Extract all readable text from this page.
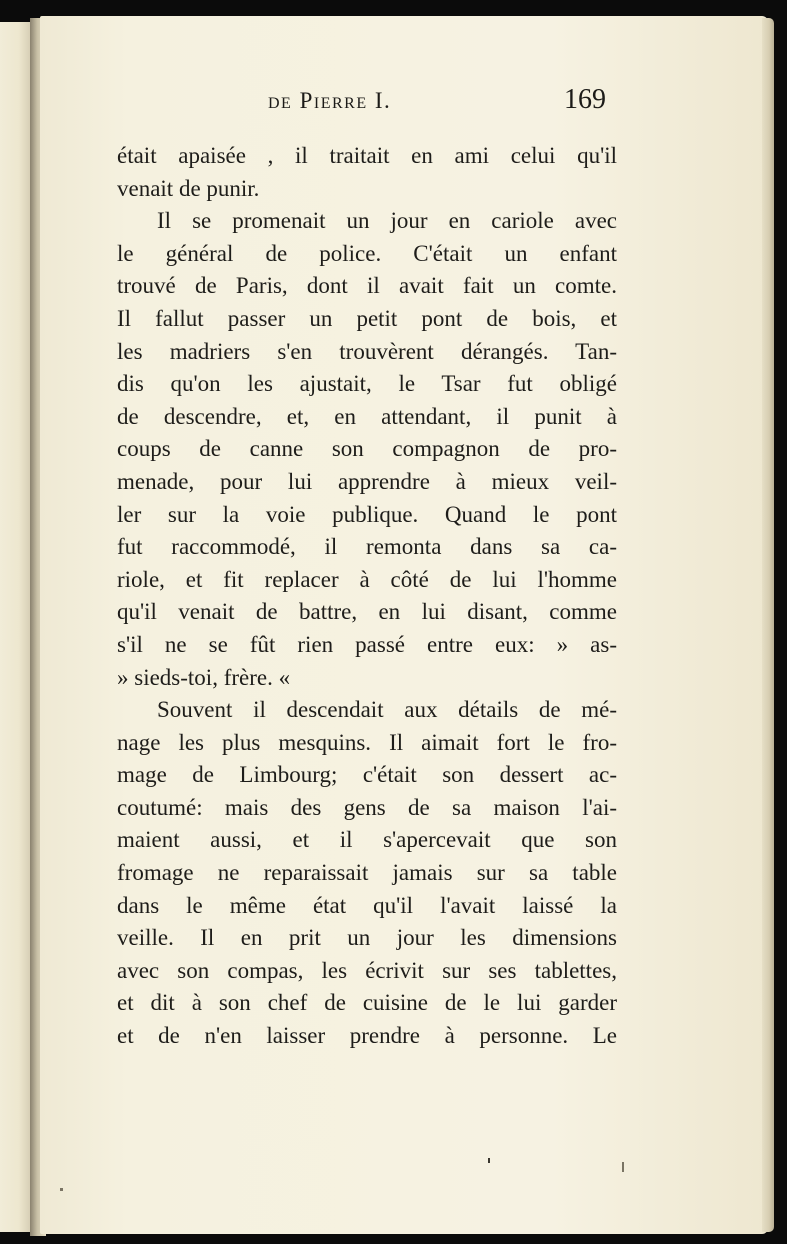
de Pierre I.	169
était apaisée , il traitait en ami celui qu'il
venait de punir.
Il se promenait un jour en cariole avec
le général de police. C'était un enfant
trouvé de Paris, dont il avait fait un comte.
Il fallut passer un petit pont de bois, et
les madriers s'en trouvèrent dérangés. Tan-
dis qu'on les ajustait, le Tsar fut obligé
de descendre, et, en attendant, il punit à
coups de canne son compagnon de pro-
menade, pour lui apprendre à mieux veil-
ler sur la voie publique. Quand le pont
fut raccommodé, il remonta dans sa ca-
riole, et fit replacer à côté de lui l'homme
qu'il venait de battre, en lui disant, comme
s'il ne se fût rien passé entre eux: » as-
» sieds-toi, frère. «
Souvent il descendait aux détails de mé-
nage les plus mesquins. Il aimait fort le fro-
mage de Limbourg; c'était son dessert ac-
coutumé: mais des gens de sa maison l'ai-
maient aussi, et il s'apercevait que son
fromage ne reparaissait jamais sur sa table
dans le même état qu'il l'avait laissé la
veille. Il en prit un jour les dimensions
avec son compas, les écrivit sur ses tablettes,
et dit à son chef de cuisine de le lui garder
et de n'en laisser prendre à personne. Le
